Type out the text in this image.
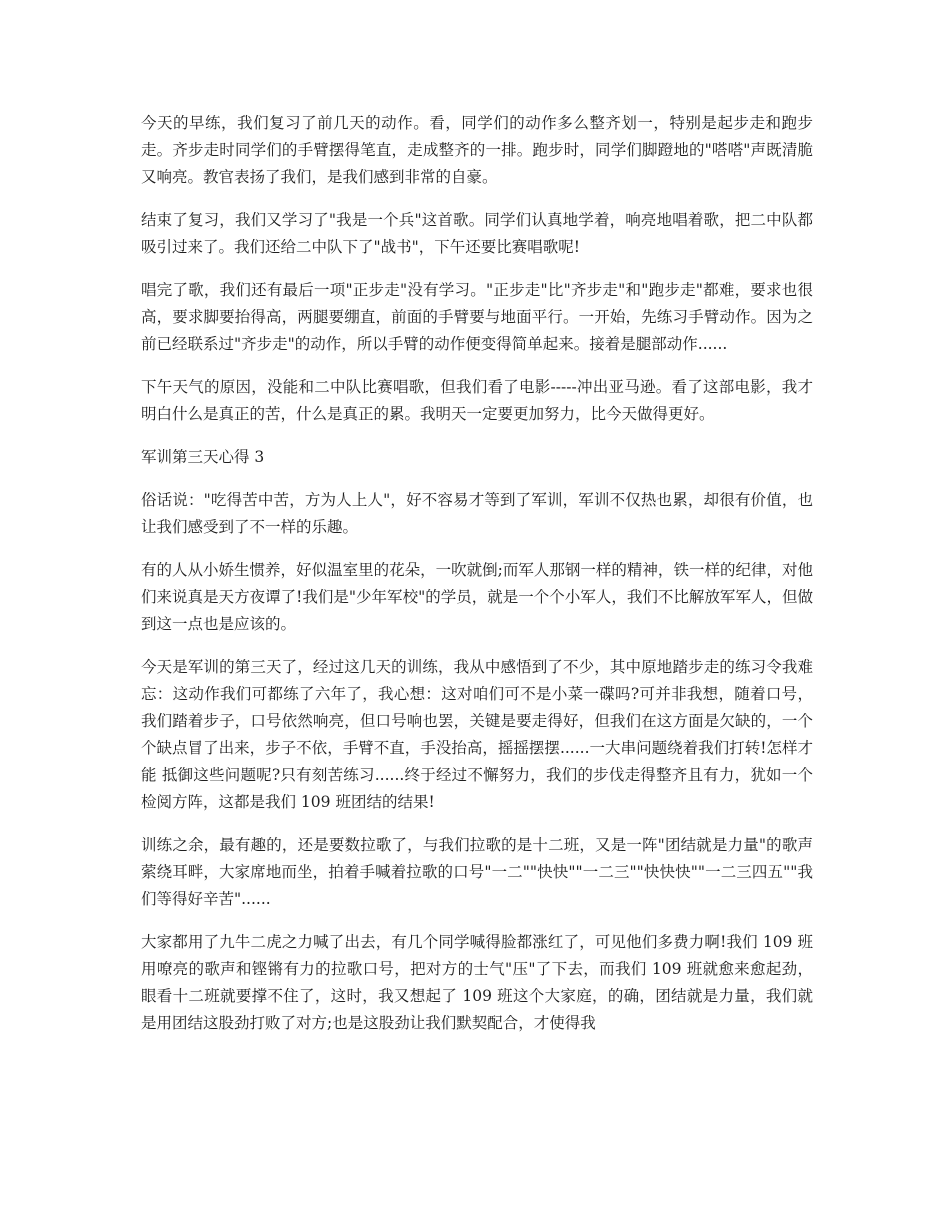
今天的早练，我们复习了前几天的动作。看，同学们的动作多么整齐划一，特别是起步走和跑步走。齐步走时同学们的手臂摆得笔直，走成整齐的一排。跑步时，同学们脚蹬地的"嗒嗒"声既清脆又响亮。教官表扬了我们，是我们感到非常的自豪。

结束了复习，我们又学习了"我是一个兵"这首歌。同学们认真地学着，响亮地唱着歌，把二中队都吸引过来了。我们还给二中队下了"战书"，下午还要比赛唱歌呢!

唱完了歌，我们还有最后一项"正步走"没有学习。"正步走"比"齐步走"和"跑步走"都难，要求也很高，要求脚要抬得高，两腿要绷直，前面的手臂要与地面平行。一开始，先练习手臂动作。因为之前已经联系过"齐步走"的动作，所以手臂的动作便变得简单起来。接着是腿部动作......

下午天气的原因，没能和二中队比赛唱歌，但我们看了电影-----冲出亚马逊。看了这部电影，我才明白什么是真正的苦，什么是真正的累。我明天一定要更加努力，比今天做得更好。

军训第三天心得 3

俗话说："吃得苦中苦，方为人上人"，好不容易才等到了军训，军训不仅热也累，却很有价值，也让我们感受到了不一样的乐趣。

有的人从小娇生惯养，好似温室里的花朵，一吹就倒;而军人那钢一样的精神，铁一样的纪律，对他们来说真是天方夜谭了!我们是"少年军校"的学员，就是一个个小军人，我们不比解放军军人，但做到这一点也是应该的。

今天是军训的第三天了，经过这几天的训练，我从中感悟到了不少，其中原地踏步走的练习令我难忘：这动作我们可都练了六年了，我心想：这对咱们可不是小菜一碟吗?可并非我想，随着口号，我们踏着步子，口号依然响亮，但口号响也罢，关键是要走得好，但我们在这方面是欠缺的，一个个缺点冒了出来，步子不依，手臂不直，手没抬高，摇摇摆摆......一大串问题绕着我们打转!怎样才能 抵御这些问题呢?只有刻苦练习......终于经过不懈努力，我们的步伐走得整齐且有力，犹如一个检阅方阵，这都是我们 109 班团结的结果!

训练之余，最有趣的，还是要数拉歌了，与我们拉歌的是十二班，又是一阵"团结就是力量"的歌声萦绕耳畔，大家席地而坐，拍着手喊着拉歌的口号"一二""快快""一二三""快快快""一二三四五""我们等得好辛苦"......

大家都用了九牛二虎之力喊了出去，有几个同学喊得脸都涨红了，可见他们多费力啊!我们 109 班用嘹亮的歌声和铿锵有力的拉歌口号，把对方的士气"压"了下去，而我们 109 班就愈来愈起劲，眼看十二班就要撑不住了，这时，我又想起了 109 班这个大家庭，的确，团结就是力量，我们就是用团结这股劲打败了对方;也是这股劲让我们默契配合，才使得我
